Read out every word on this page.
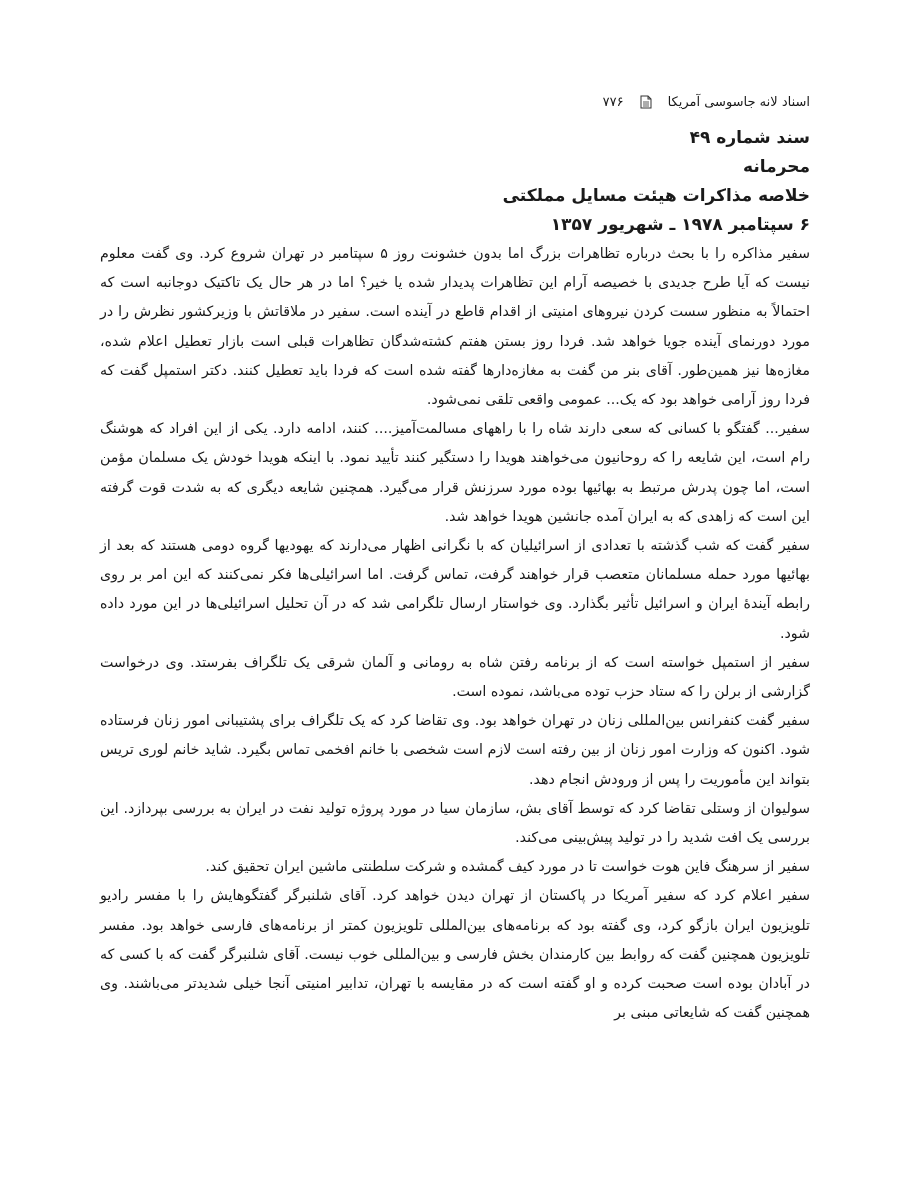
اسناد لانه جاسوسی آمریکا
۷۷۶
سند شماره ۴۹
محرمانه
خلاصه مذاکرات هیئت مسایل مملکتی
۶ سپتامبر ۱۹۷۸ ـ شهریور ۱۳۵۷

سفیر مذاکره را با بحث درباره تظاهرات بزرگ اما بدون خشونت روز ۵ سپتامبر در تهران شروع کرد. وی گفت معلوم نیست که آیا طرح جدیدی با خصیصه آرام این تظاهرات پدیدار شده یا خیر؟ اما در هر حال یک تاکتیک دوجانبه است که احتمالاً به منظور سست کردن نیروهای امنیتی از اقدام قاطع در آینده است. سفیر در ملاقاتش با وزیرکشور نظرش را در مورد دورنمای آینده جویا خواهد شد. فردا روز بستن هفتم کشته‌شدگان تظاهرات قبلی است بازار تعطیل اعلام شده، مغازه‌ها نیز همین‌طور. آقای بنر من گفت به مغازه‌دارها گفته شده است که فردا باید تعطیل کنند. دکتر استمپل گفت که فردا روز آرامی خواهد بود که یک... عمومی واقعی تلقی نمی‌شود.

سفیر... گفتگو با کسانی که سعی دارند شاه را با راههای مسالمت‌آمیز.... کنند، ادامه دارد. یکی از این افراد که هوشنگ رام است، این شایعه را که روحانیون می‌خواهند هویدا را دستگیر کنند تأیید نمود. با اینکه هویدا خودش یک مسلمان مؤمن است، اما چون پدرش مرتبط به بهائیها بوده مورد سرزنش قرار می‌گیرد. همچنین شایعه دیگری که به شدت قوت گرفته این است که زاهدی که به ایران آمده جانشین هویدا خواهد شد.

سفیر گفت که شب گذشته با تعدادی از اسرائیلیان که با نگرانی اظهار می‌دارند که یهودیها گروه دومی هستند که بعد از بهائیها مورد حمله مسلمانان متعصب قرار خواهند گرفت، تماس گرفت. اما اسرائیلی‌ها فکر نمی‌کنند که این امر بر روی رابطه آیندهٔ ایران و اسرائیل تأثیر بگذارد. وی خواستار ارسال تلگرامی شد که در آن تحلیل اسرائیلی‌ها در این مورد داده شود.

سفیر از استمپل خواسته است که از برنامه رفتن شاه به رومانی و آلمان شرقی یک تلگراف بفرستد. وی درخواست گزارشی از برلن را که ستاد حزب توده می‌باشد، نموده است.

سفیر گفت کنفرانس بین‌المللی زنان در تهران خواهد بود. وی تقاضا کرد که یک تلگراف برای پشتیبانی امور زنان فرستاده شود. اکنون که وزارت امور زنان از بین رفته است لازم است شخصی با خانم افخمی تماس بگیرد. شاید خانم لوری تریس بتواند این مأموریت را پس از ورودش انجام دهد.

سولیوان از وستلی تقاضا کرد که توسط آقای بش، سازمان سیا در مورد پروژه تولید نفت در ایران به بررسی بپردازد. این بررسی یک افت شدید را در تولید پیش‌بینی می‌کند.

سفیر از سرهنگ فاین هوت خواست تا در مورد کیف گمشده و شرکت سلطنتی ماشین ایران تحقیق کند.

سفیر اعلام کرد که سفیر آمریکا در پاکستان از تهران دیدن خواهد کرد. آقای شلنبرگر گفتگوهایش را با مفسر رادیو تلویزیون ایران بازگو کرد، وی گفته بود که برنامه‌های بین‌المللی تلویزیون کمتر از برنامه‌های فارسی خواهد بود. مفسر تلویزیون همچنین گفت که روابط بین کارمندان بخش فارسی و بین‌المللی خوب نیست. آقای شلنبرگر گفت که با کسی که در آبادان بوده است صحبت کرده و او گفته است که در مقایسه با تهران، تدابیر امنیتی آنجا خیلی شدیدتر می‌باشند. وی همچنین گفت که شایعاتی مبنی بر
